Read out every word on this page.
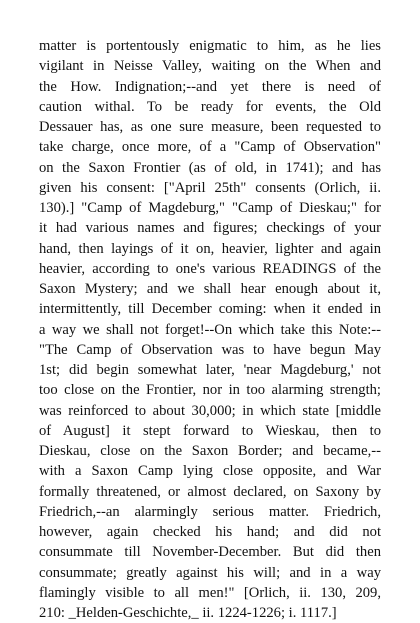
matter is portentously enigmatic to him, as he lies
vigilant in Neisse Valley, waiting on the When and
the How. Indignation;--and yet there is need of
caution withal. To be ready for events, the Old
Dessauer has, as one sure measure, been requested to
take charge, once more, of a "Camp of Observation"
on the Saxon Frontier (as of old, in 1741); and has
given his consent: ["April 25th" consents (Orlich, ii.
130).] "Camp of Magdeburg," "Camp of Dieskau;" for
it had various names and figures; checkings of your
hand, then layings of it on, heavier, lighter and again
heavier, according to one's various READINGS of the
Saxon Mystery; and we shall hear enough about it,
intermittently, till December coming: when it ended in
a way we shall not forget!--On which take this Note:--
"The Camp of Observation was to have begun May
1st; did begin somewhat later, 'near Magdeburg,' not
too close on the Frontier, nor in too alarming strength;
was reinforced to about 30,000; in which state [middle
of August] it stept forward to Wieskau, then to
Dieskau, close on the Saxon Border; and became,--
with a Saxon Camp lying close opposite, and War
formally threatened, or almost declared, on Saxony by
Friedrich,--an alarmingly serious matter. Friedrich,
however, again checked his hand; and did not
consummate till November-December. But did then
consummate; greatly against his will; and in a way
flamingly visible to all men!" [Orlich, ii. 130, 209,
210: _Helden-Geschichte,_ ii. 1224-1226; i. 1117.]
